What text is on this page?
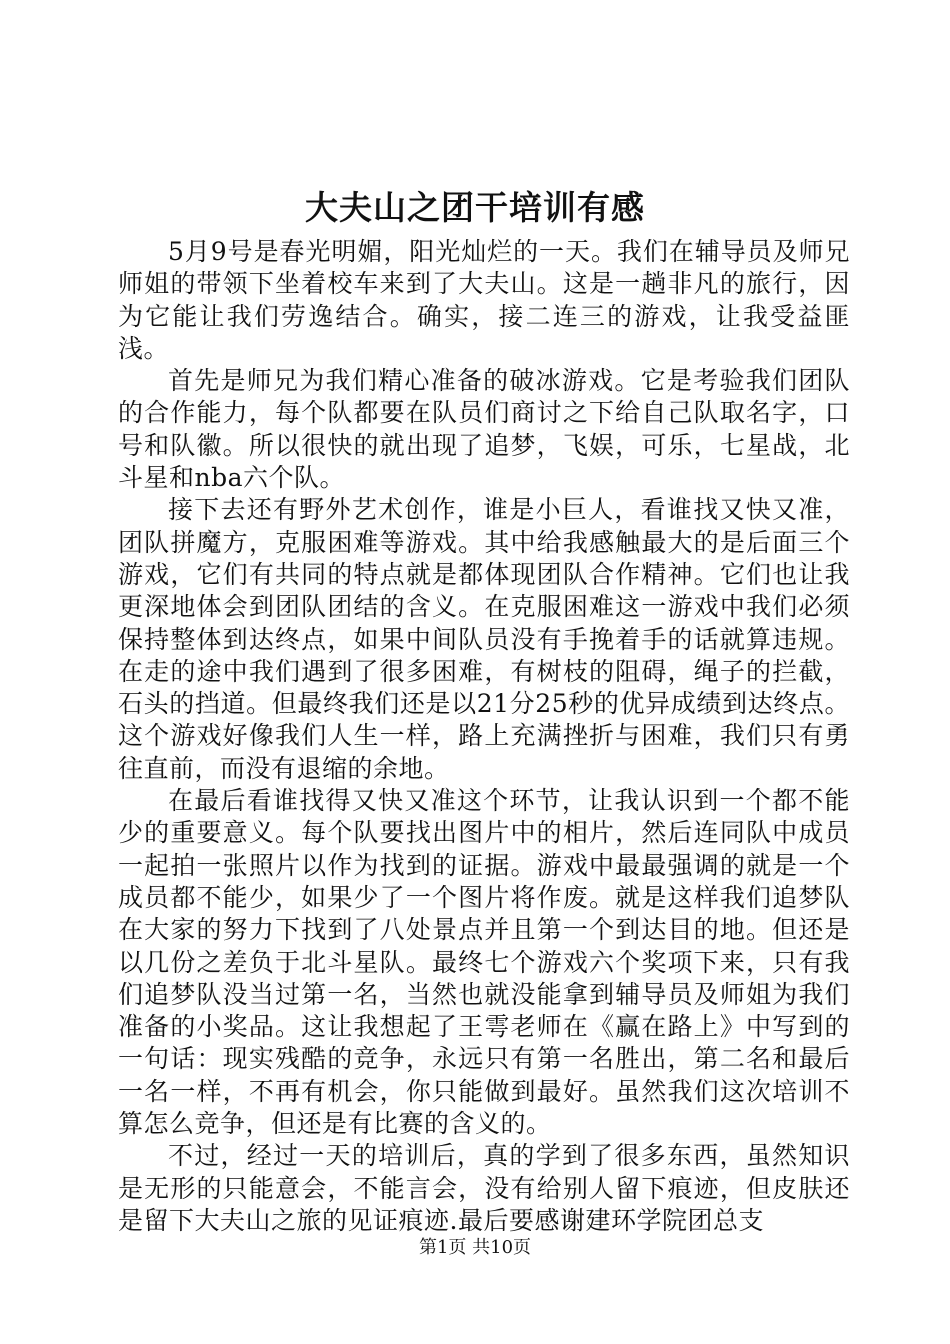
大夫山之团干培训有感

5月9号是春光明媚，阳光灿烂的一天。我们在辅导员及师兄师姐的带领下坐着校车来到了大夫山。这是一趟非凡的旅行，因为它能让我们劳逸结合。确实，接二连三的游戏，让我受益匪浅。

首先是师兄为我们精心准备的破冰游戏。它是考验我们团队的合作能力，每个队都要在队员们商讨之下给自己队取名字，口号和队徽。所以很快的就出现了追梦，飞娱，可乐，七星战，北斗星和nba六个队。

接下去还有野外艺术创作，谁是小巨人，看谁找又快又准，团队拼魔方，克服困难等游戏。其中给我感触最大的是后面三个游戏，它们有共同的特点就是都体现团队合作精神。它们也让我更深地体会到团队团结的含义。在克服困难这一游戏中我们必须保持整体到达终点，如果中间队员没有手挽着手的话就算违规。在走的途中我们遇到了很多困难，有树枝的阻碍，绳子的拦截，石头的挡道。但最终我们还是以21分25秒的优异成绩到达终点。这个游戏好像我们人生一样，路上充满挫折与困难，我们只有勇往直前，而没有退缩的余地。

在最后看谁找得又快又准这个环节，让我认识到一个都不能少的重要意义。每个队要找出图片中的相片，然后连同队中成员一起拍一张照片以作为找到的证据。游戏中最最强调的就是一个成员都不能少，如果少了一个图片将作废。就是这样我们追梦队在大家的努力下找到了八处景点并且第一个到达目的地。但还是以几份之差负于北斗星队。最终七个游戏六个奖项下来，只有我们追梦队没当过第一名，当然也就没能拿到辅导员及师姐为我们准备的小奖品。这让我想起了王雩老师在《赢在路上》中写到的一句话：现实残酷的竞争，永远只有第一名胜出，第二名和最后一名一样，不再有机会，你只能做到最好。虽然我们这次培训不算怎么竞争，但还是有比赛的含义的。

不过，经过一天的培训后，真的学到了很多东西，虽然知识是无形的只能意会，不能言会，没有给别人留下痕迹，但皮肤还是留下大夫山之旅的见证痕迹.最后要感谢建环学院团总支

第1页 共10页
